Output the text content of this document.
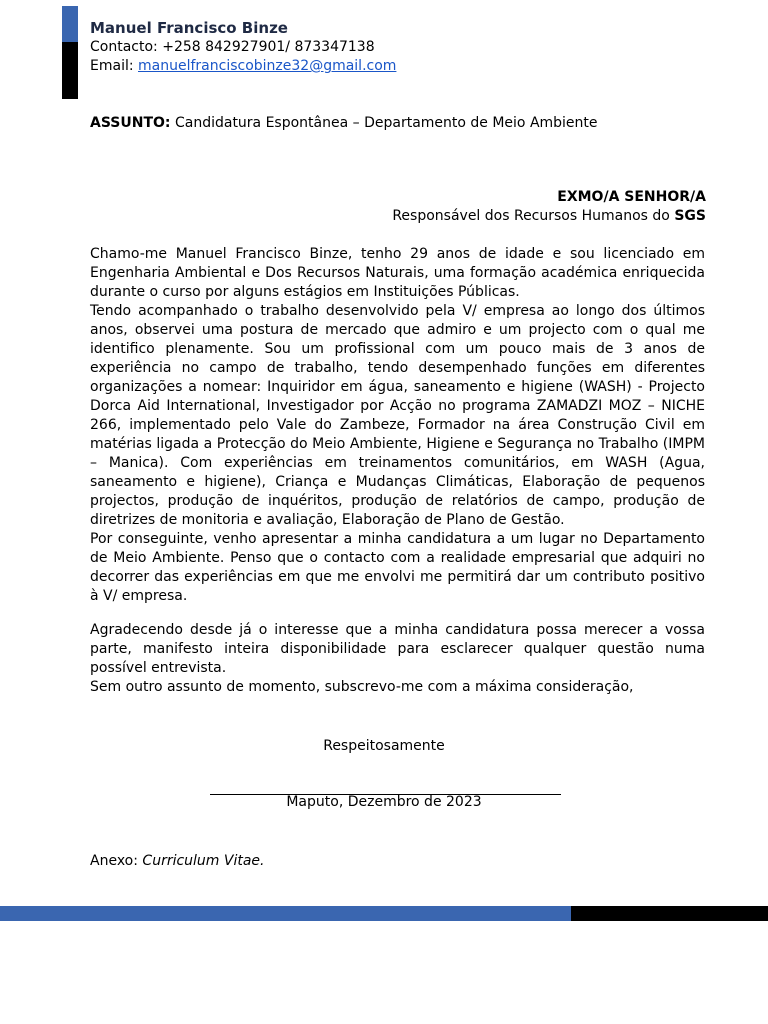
Manuel Francisco Binze
Contacto: +258 842927901/ 873347138
Email: manuelfranciscobinze32@gmail.com
ASSUNTO: Candidatura Espontânea – Departamento de Meio Ambiente
EXMO/A SENHOR/A
Responsável dos Recursos Humanos do SGS

Chamo-me Manuel Francisco Binze, tenho 29 anos de idade e sou licenciado em Engenharia Ambiental e Dos Recursos Naturais, uma formação académica enriquecida durante o curso por alguns estágios em Instituições Públicas.

Tendo acompanhado o trabalho desenvolvido pela V/ empresa ao longo dos últimos anos, observei uma postura de mercado que admiro e um projecto com o qual me identifico plenamente. Sou um profissional com um pouco mais de 3 anos de experiência no campo de trabalho, tendo desempenhado funções em diferentes organizações a nomear: Inquiridor em água, saneamento e higiene (WASH) - Projecto Dorca Aid International, Investigador por Acção no programa ZAMADZI MOZ – NICHE 266, implementado pelo Vale do Zambeze, Formador na área Construção Civil em matérias ligada a Protecção do Meio Ambiente, Higiene e Segurança no Trabalho (IMPM – Manica). Com experiências em treinamentos comunitários, em WASH (Agua, saneamento e higiene), Criança e Mudanças Climáticas, Elaboração de pequenos projectos, produção de inquéritos, produção de relatórios de campo, produção de diretrizes de monitoria e avaliação, Elaboração de Plano de Gestão.

Por conseguinte, venho apresentar a minha candidatura a um lugar no Departamento de Meio Ambiente. Penso que o contacto com a realidade empresarial que adquiri no decorrer das experiências em que me envolvi me permitirá dar um contributo positivo à V/ empresa.

Agradecendo desde já o interesse que a minha candidatura possa merecer a vossa parte, manifesto inteira disponibilidade para esclarecer qualquer questão numa possível entrevista.

Sem outro assunto de momento, subscrevo-me com a máxima consideração,

Respeitosamente
Maputo, Dezembro de 2023
Anexo: Curriculum Vitae.
